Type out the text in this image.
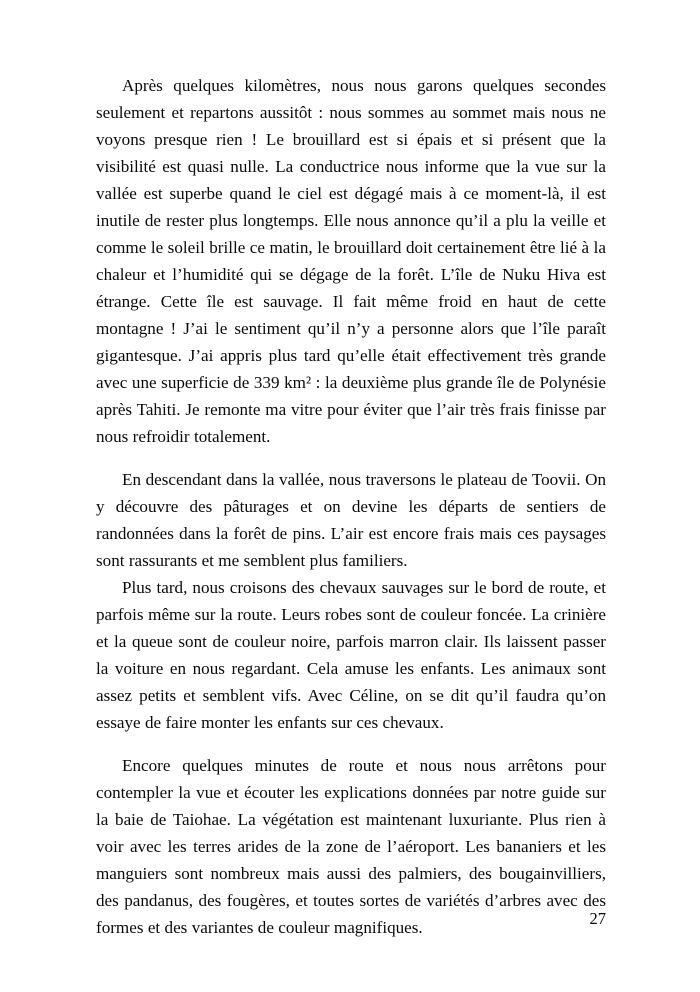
Après quelques kilomètres, nous nous garons quelques secondes seulement et repartons aussitôt : nous sommes au sommet mais nous ne voyons presque rien ! Le brouillard est si épais et si présent que la visibilité est quasi nulle. La conductrice nous informe que la vue sur la vallée est superbe quand le ciel est dégagé mais à ce moment-là, il est inutile de rester plus longtemps. Elle nous annonce qu’il a plu la veille et comme le soleil brille ce matin, le brouillard doit certainement être lié à la chaleur et l’humidité qui se dégage de la forêt. L’île de Nuku Hiva est étrange. Cette île est sauvage. Il fait même froid en haut de cette montagne ! J’ai le sentiment qu’il n’y a personne alors que l’île paraît gigantesque. J’ai appris plus tard qu’elle était effectivement très grande avec une superficie de 339 km² : la deuxième plus grande île de Polynésie après Tahiti. Je remonte ma vitre pour éviter que l’air très frais finisse par nous refroidir totalement.

En descendant dans la vallée, nous traversons le plateau de Toovii. On y découvre des pâturages et on devine les départs de sentiers de randonnées dans la forêt de pins. L’air est encore frais mais ces paysages sont rassurants et me semblent plus familiers.

Plus tard, nous croisons des chevaux sauvages sur le bord de route, et parfois même sur la route. Leurs robes sont de couleur foncée. La crinière et la queue sont de couleur noire, parfois marron clair. Ils laissent passer la voiture en nous regardant. Cela amuse les enfants. Les animaux sont assez petits et semblent vifs. Avec Céline, on se dit qu’il faudra qu’on essaye de faire monter les enfants sur ces chevaux.

Encore quelques minutes de route et nous nous arrêtons pour contempler la vue et écouter les explications données par notre guide sur la baie de Taiohae. La végétation est maintenant luxuriante. Plus rien à voir avec les terres arides de la zone de l’aéroport. Les bananiers et les manguiers sont nombreux mais aussi des palmiers, des bougainvilliers, des pandanus, des fougères, et toutes sortes de variétés d’arbres avec des formes et des variantes de couleur magnifiques.	27
